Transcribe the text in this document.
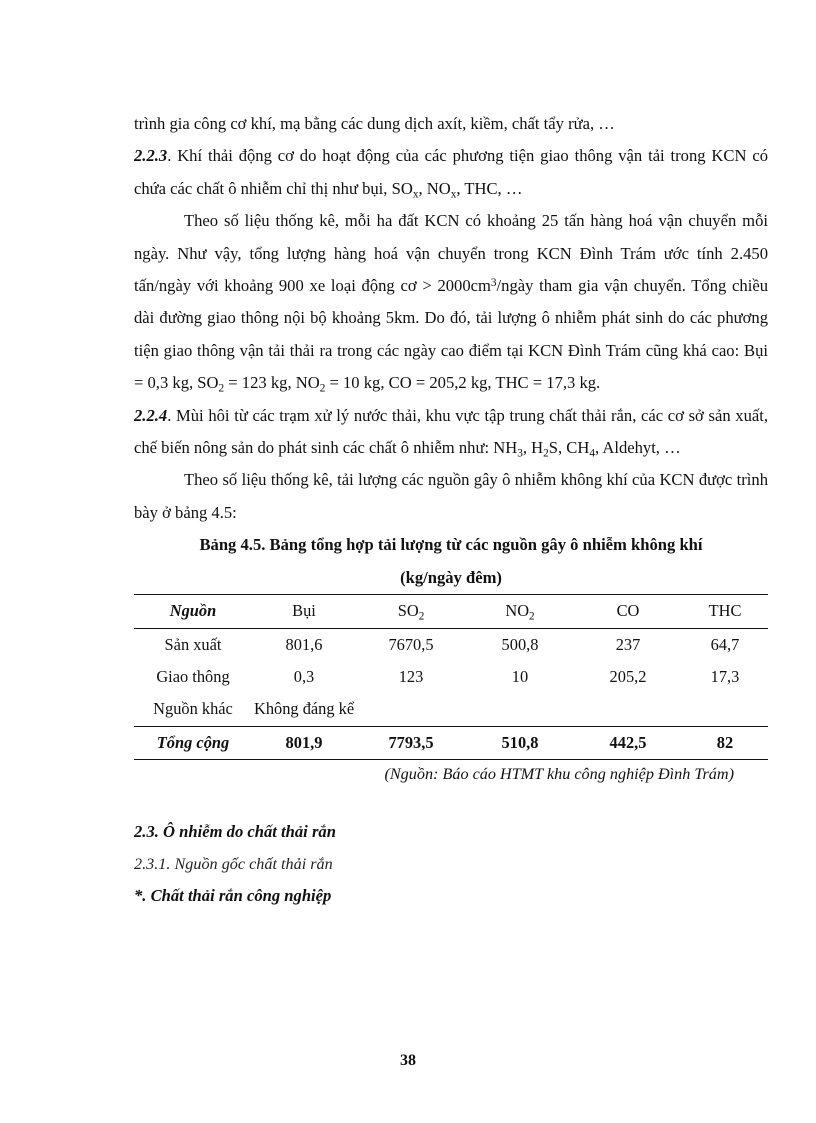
trình gia công cơ khí, mạ bằng các dung dịch axít, kiềm, chất tẩy rửa, …

2.2.3. Khí thải động cơ do hoạt động của các phương tiện giao thông vận tải trong KCN có chứa các chất ô nhiễm chỉ thị như bụi, $SO_x$, $NO_x$, THC, …

Theo số liệu thống kê, mỗi ha đất KCN có khoảng 25 tấn hàng hoá vận chuyển mỗi ngày. Như vậy, tổng lượng hàng hoá vận chuyển trong KCN Đình Trám ước tính 2.450 tấn/ngày với khoảng 900 xe loại động cơ > $2000cm^3$/ngày tham gia vận chuyển. Tổng chiều dài đường giao thông nội bộ khoảng 5km. Do đó, tải lượng ô nhiễm phát sinh do các phương tiện giao thông vận tải thải ra trong các ngày cao điểm tại KCN Đình Trám cũng khá cao: Bụi = 0,3 kg, $SO_2 = 123$ kg, $NO_2 = 10$ kg, CO = 205,2 kg, THC = 17,3 kg.

2.2.4. Mùi hôi từ các trạm xử lý nước thải, khu vực tập trung chất thải rắn, các cơ sở sản xuất, chế biến nông sản do phát sinh các chất ô nhiễm như: $NH_3$, $H_2S$, $CH_4$, Aldehyt, …

Theo số liệu thống kê, tải lượng các nguồn gây ô nhiễm không khí của KCN được trình bày ở bảng 4.5:

Bảng 4.5. Bảng tổng hợp tải lượng từ các nguồn gây ô nhiễm không khí

(kg/ngày đêm)

Nguồn	Bụi	$SO_2$	$NO_2$	CO	THC
Sản xuất	801,6	7670,5	500,8	237	64,7
Giao thông	0,3	123	10	205,2	17,3
Nguồn khác	Không đáng kể				
Tổng cộng	801,9	7793,5	510,8	442,5	82

(Nguồn: Báo cáo HTMT khu công nghiệp Đình Trám)

2.3. Ô nhiễm do chất thải rắn

2.3.1. Nguồn gốc chất thải rắn

*. Chất thải rắn công nghiệp

38
